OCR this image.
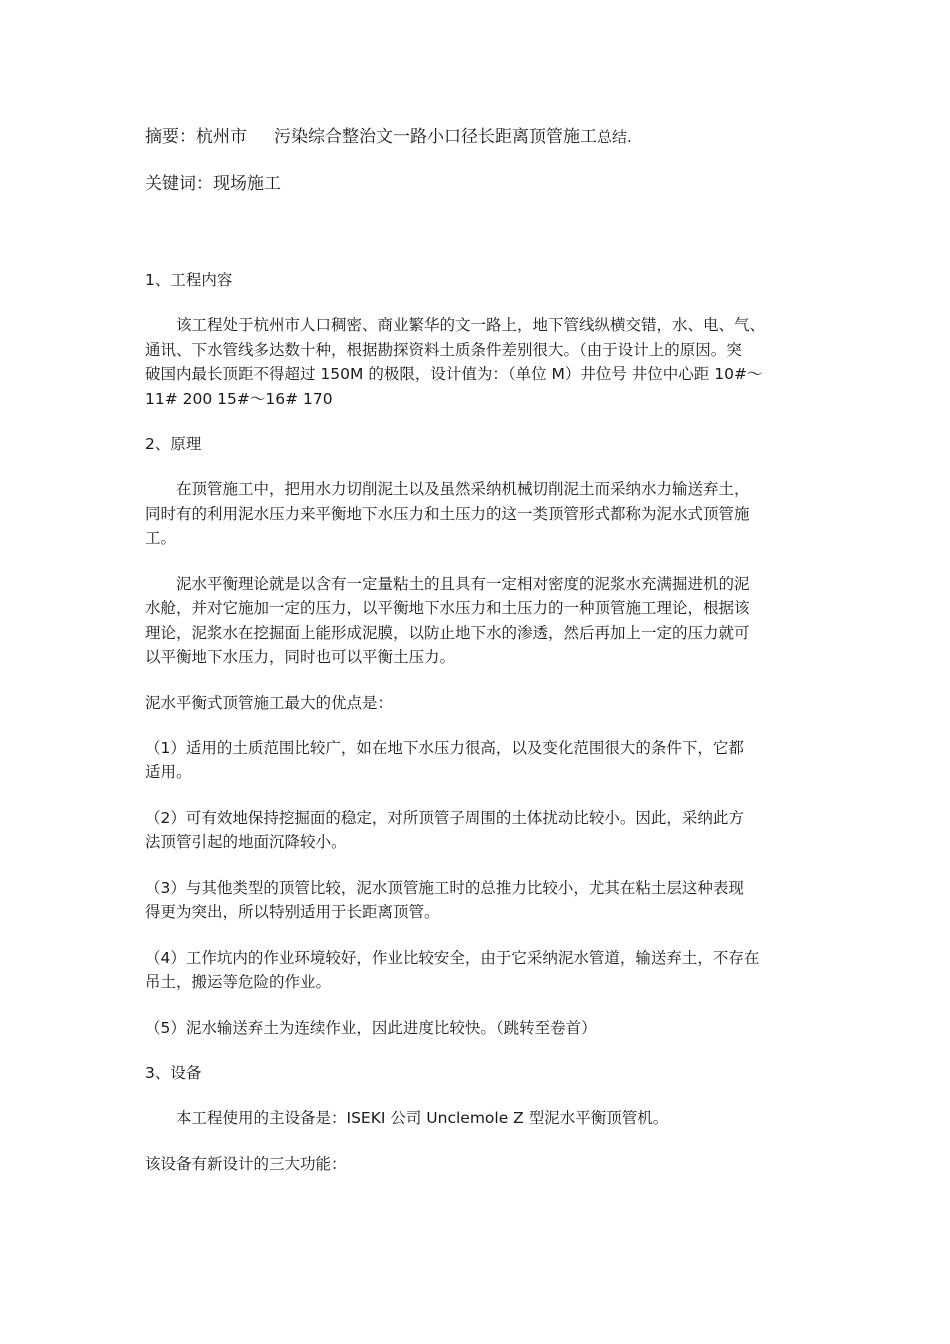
摘要：杭州市 污染综合整治文一路小口径长距离顶管施工总结.

关键词：现场施工

1、工程内容

该工程处于杭州市人口稠密、商业繁华的文一路上，地下管线纵横交错，水、电、气、
通讯、下水管线多达数十种，根据勘探资料土质条件差别很大。（由于设计上的原因。突
破国内最长顶距不得超过 150M 的极限，设计值为：（单位 M）井位号 井位中心距 10#～
11# 200 15#～16# 170

2、原理

在顶管施工中，把用水力切削泥土以及虽然采纳机械切削泥土而采纳水力输送弃土，
同时有的利用泥水压力来平衡地下水压力和土压力的这一类顶管形式都称为泥水式顶管施
工。
泥水平衡理论就是以含有一定量粘土的且具有一定相对密度的泥浆水充满掘进机的泥
水舱，并对它施加一定的压力，以平衡地下水压力和土压力的一种顶管施工理论，根据该
理论，泥浆水在挖掘面上能形成泥膜，以防止地下水的渗透，然后再加上一定的压力就可
以平衡地下水压力，同时也可以平衡土压力。

泥水平衡式顶管施工最大的优点是：

（1）适用的土质范围比较广，如在地下水压力很高，以及变化范围很大的条件下，它都
适用。
（2）可有效地保持挖掘面的稳定，对所顶管子周围的土体扰动比较小。因此，采纳此方
法顶管引起的地面沉降较小。
（3）与其他类型的顶管比较，泥水顶管施工时的总推力比较小，尤其在粘土层这种表现
得更为突出，所以特别适用于长距离顶管。
（4）工作坑内的作业环境较好，作业比较安全，由于它采纳泥水管道，输送弃土，不存在
吊土，搬运等危险的作业。
（5）泥水输送弃土为连续作业，因此进度比较快。（跳转至卷首）

3、设备

本工程使用的主设备是：ISEKI 公司 Unclemole Z 型泥水平衡顶管机。

该设备有新设计的三大功能：
